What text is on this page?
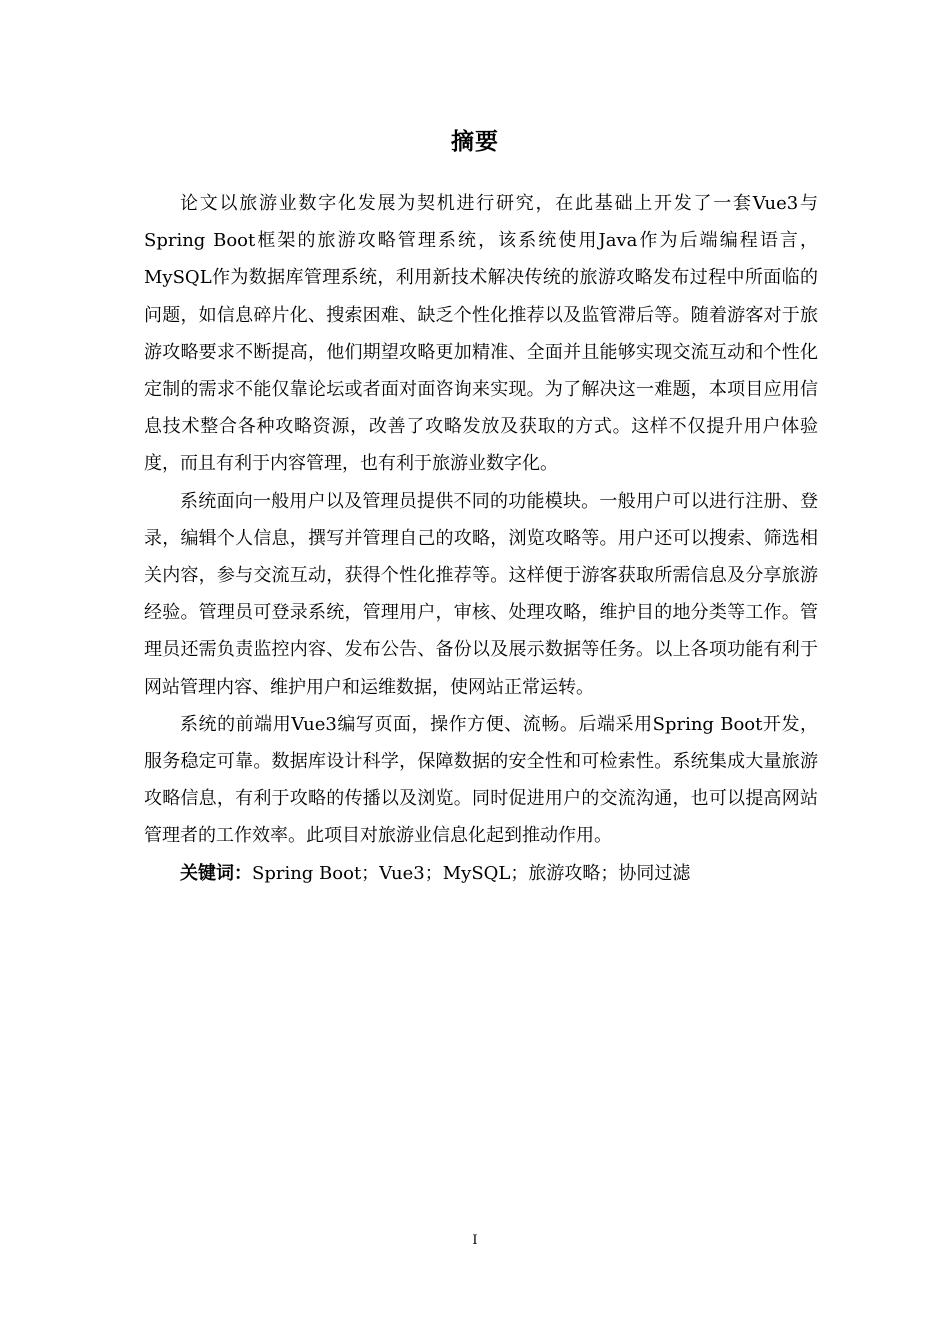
摘要

论文以旅游业数字化发展为契机进行研究，在此基础上开发了一套Vue3与Spring Boot框架的旅游攻略管理系统，该系统使用Java作为后端编程语言，MySQL作为数据库管理系统，利用新技术解决传统的旅游攻略发布过程中所面临的问题，如信息碎片化、搜索困难、缺乏个性化推荐以及监管滞后等。随着游客对于旅游攻略要求不断提高，他们期望攻略更加精准、全面并且能够实现交流互动和个性化定制的需求不能仅靠论坛或者面对面咨询来实现。为了解决这一难题，本项目应用信息技术整合各种攻略资源，改善了攻略发放及获取的方式。这样不仅提升用户体验度，而且有利于内容管理，也有利于旅游业数字化。

系统面向一般用户以及管理员提供不同的功能模块。一般用户可以进行注册、登录，编辑个人信息，撰写并管理自己的攻略，浏览攻略等。用户还可以搜索、筛选相关内容，参与交流互动，获得个性化推荐等。这样便于游客获取所需信息及分享旅游经验。管理员可登录系统，管理用户，审核、处理攻略，维护目的地分类等工作。管理员还需负责监控内容、发布公告、备份以及展示数据等任务。以上各项功能有利于网站管理内容、维护用户和运维数据，使网站正常运转。

系统的前端用Vue3编写页面，操作方便、流畅。后端采用Spring Boot开发，服务稳定可靠。数据库设计科学，保障数据的安全性和可检索性。系统集成大量旅游攻略信息，有利于攻略的传播以及浏览。同时促进用户的交流沟通，也可以提高网站管理者的工作效率。此项目对旅游业信息化起到推动作用。

关键词：Spring Boot；Vue3；MySQL；旅游攻略；协同过滤

I
